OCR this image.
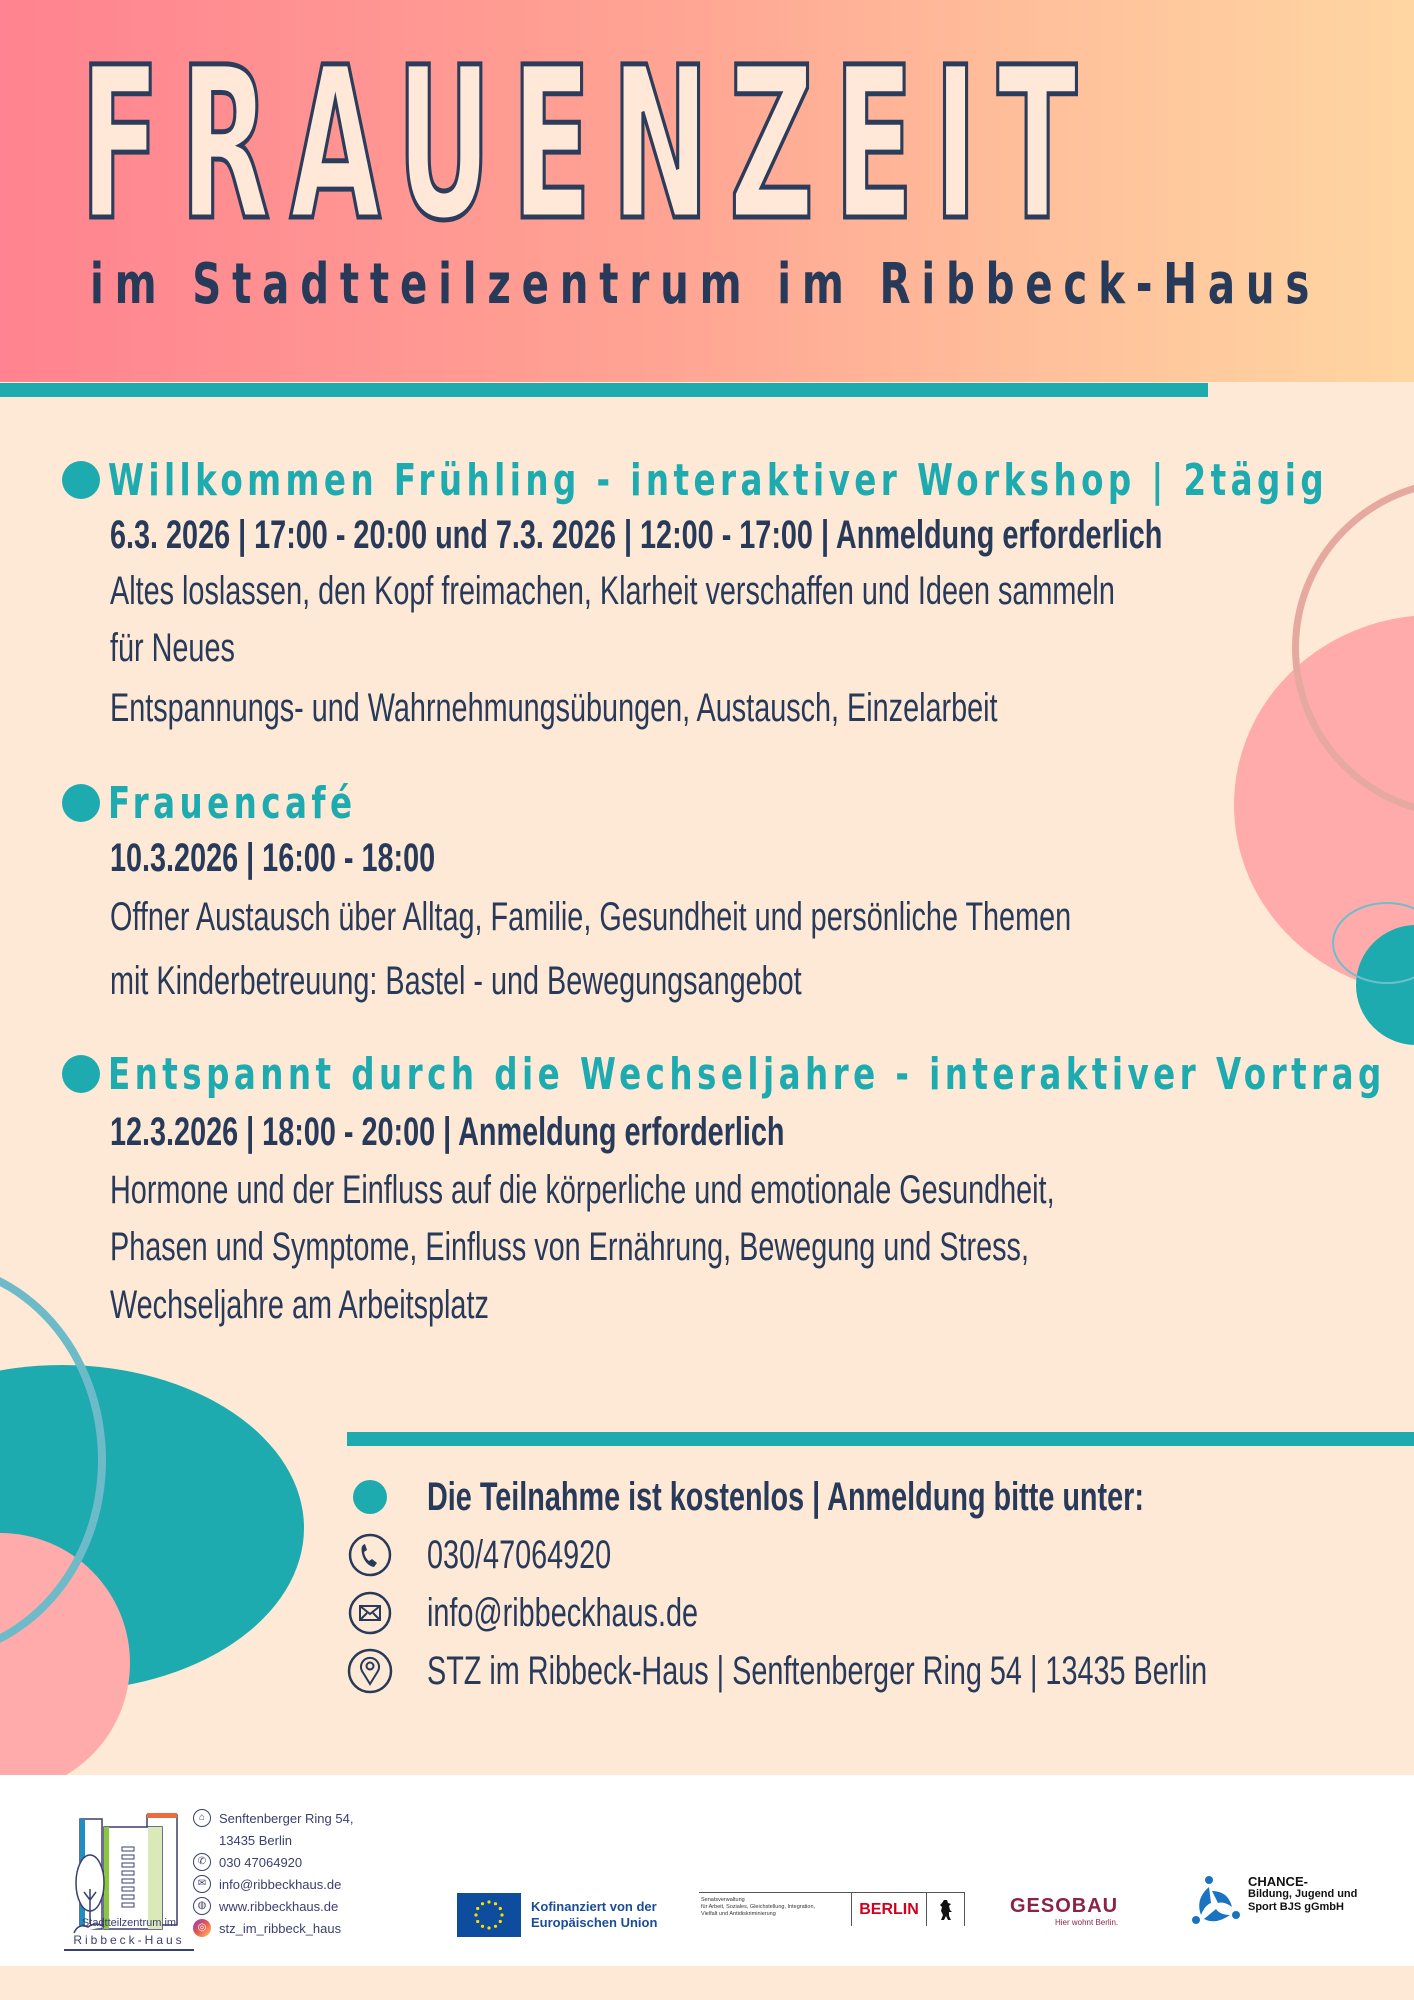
FRAUENZEIT
im Stadtteilzentrum im Ribbeck-Haus
Willkommen Frühling - interaktiver Workshop | 2tägig
6.3. 2026 | 17:00 - 20:00 und 7.3. 2026 | 12:00 - 17:00 | Anmeldung erforderlich
Altes loslassen, den Kopf freimachen, Klarheit verschaffen und Ideen sammeln
für Neues
Entspannungs- und Wahrnehmungsübungen, Austausch, Einzelarbeit
Frauencafé
10.3.2026 | 16:00 - 18:00
Offner Austausch über Alltag, Familie, Gesundheit und persönliche Themen
mit Kinderbetreuung: Bastel - und Bewegungsangebot
Entspannt durch die Wechseljahre - interaktiver Vortrag
12.3.2026 | 18:00 - 20:00 | Anmeldung erforderlich
Hormone und der Einfluss auf die körperliche und emotionale Gesundheit,
Phasen und Symptome, Einfluss von Ernährung, Bewegung und Stress,
Wechseljahre am Arbeitsplatz
Die Teilnahme ist kostenlos | Anmeldung bitte unter:
030/47064920
info@ribbeckhaus.de
STZ im Ribbeck-Haus | Senftenberger Ring 54 | 13435 Berlin
Stadtteilzentrum im
Ribbeck-Haus
⌂	Senftenberger Ring 54,
13435 Berlin
✆ 030 47064920
✉ info@ribbeckhaus.de
◍ www.ribbeckhaus.de
◎ stz_im_ribbeck_haus
Kofinanziert von der
Europäischen Union
Senatsverwaltung
für Arbeit, Soziales, Gleichstellung, Integration,
Vielfalt und Antidiskriminierung	BERLIN	GESOBAU
Hier wohnt Berlin.
CHANCE-
Bildung, Jugend und
Sport BJS gGmbH
